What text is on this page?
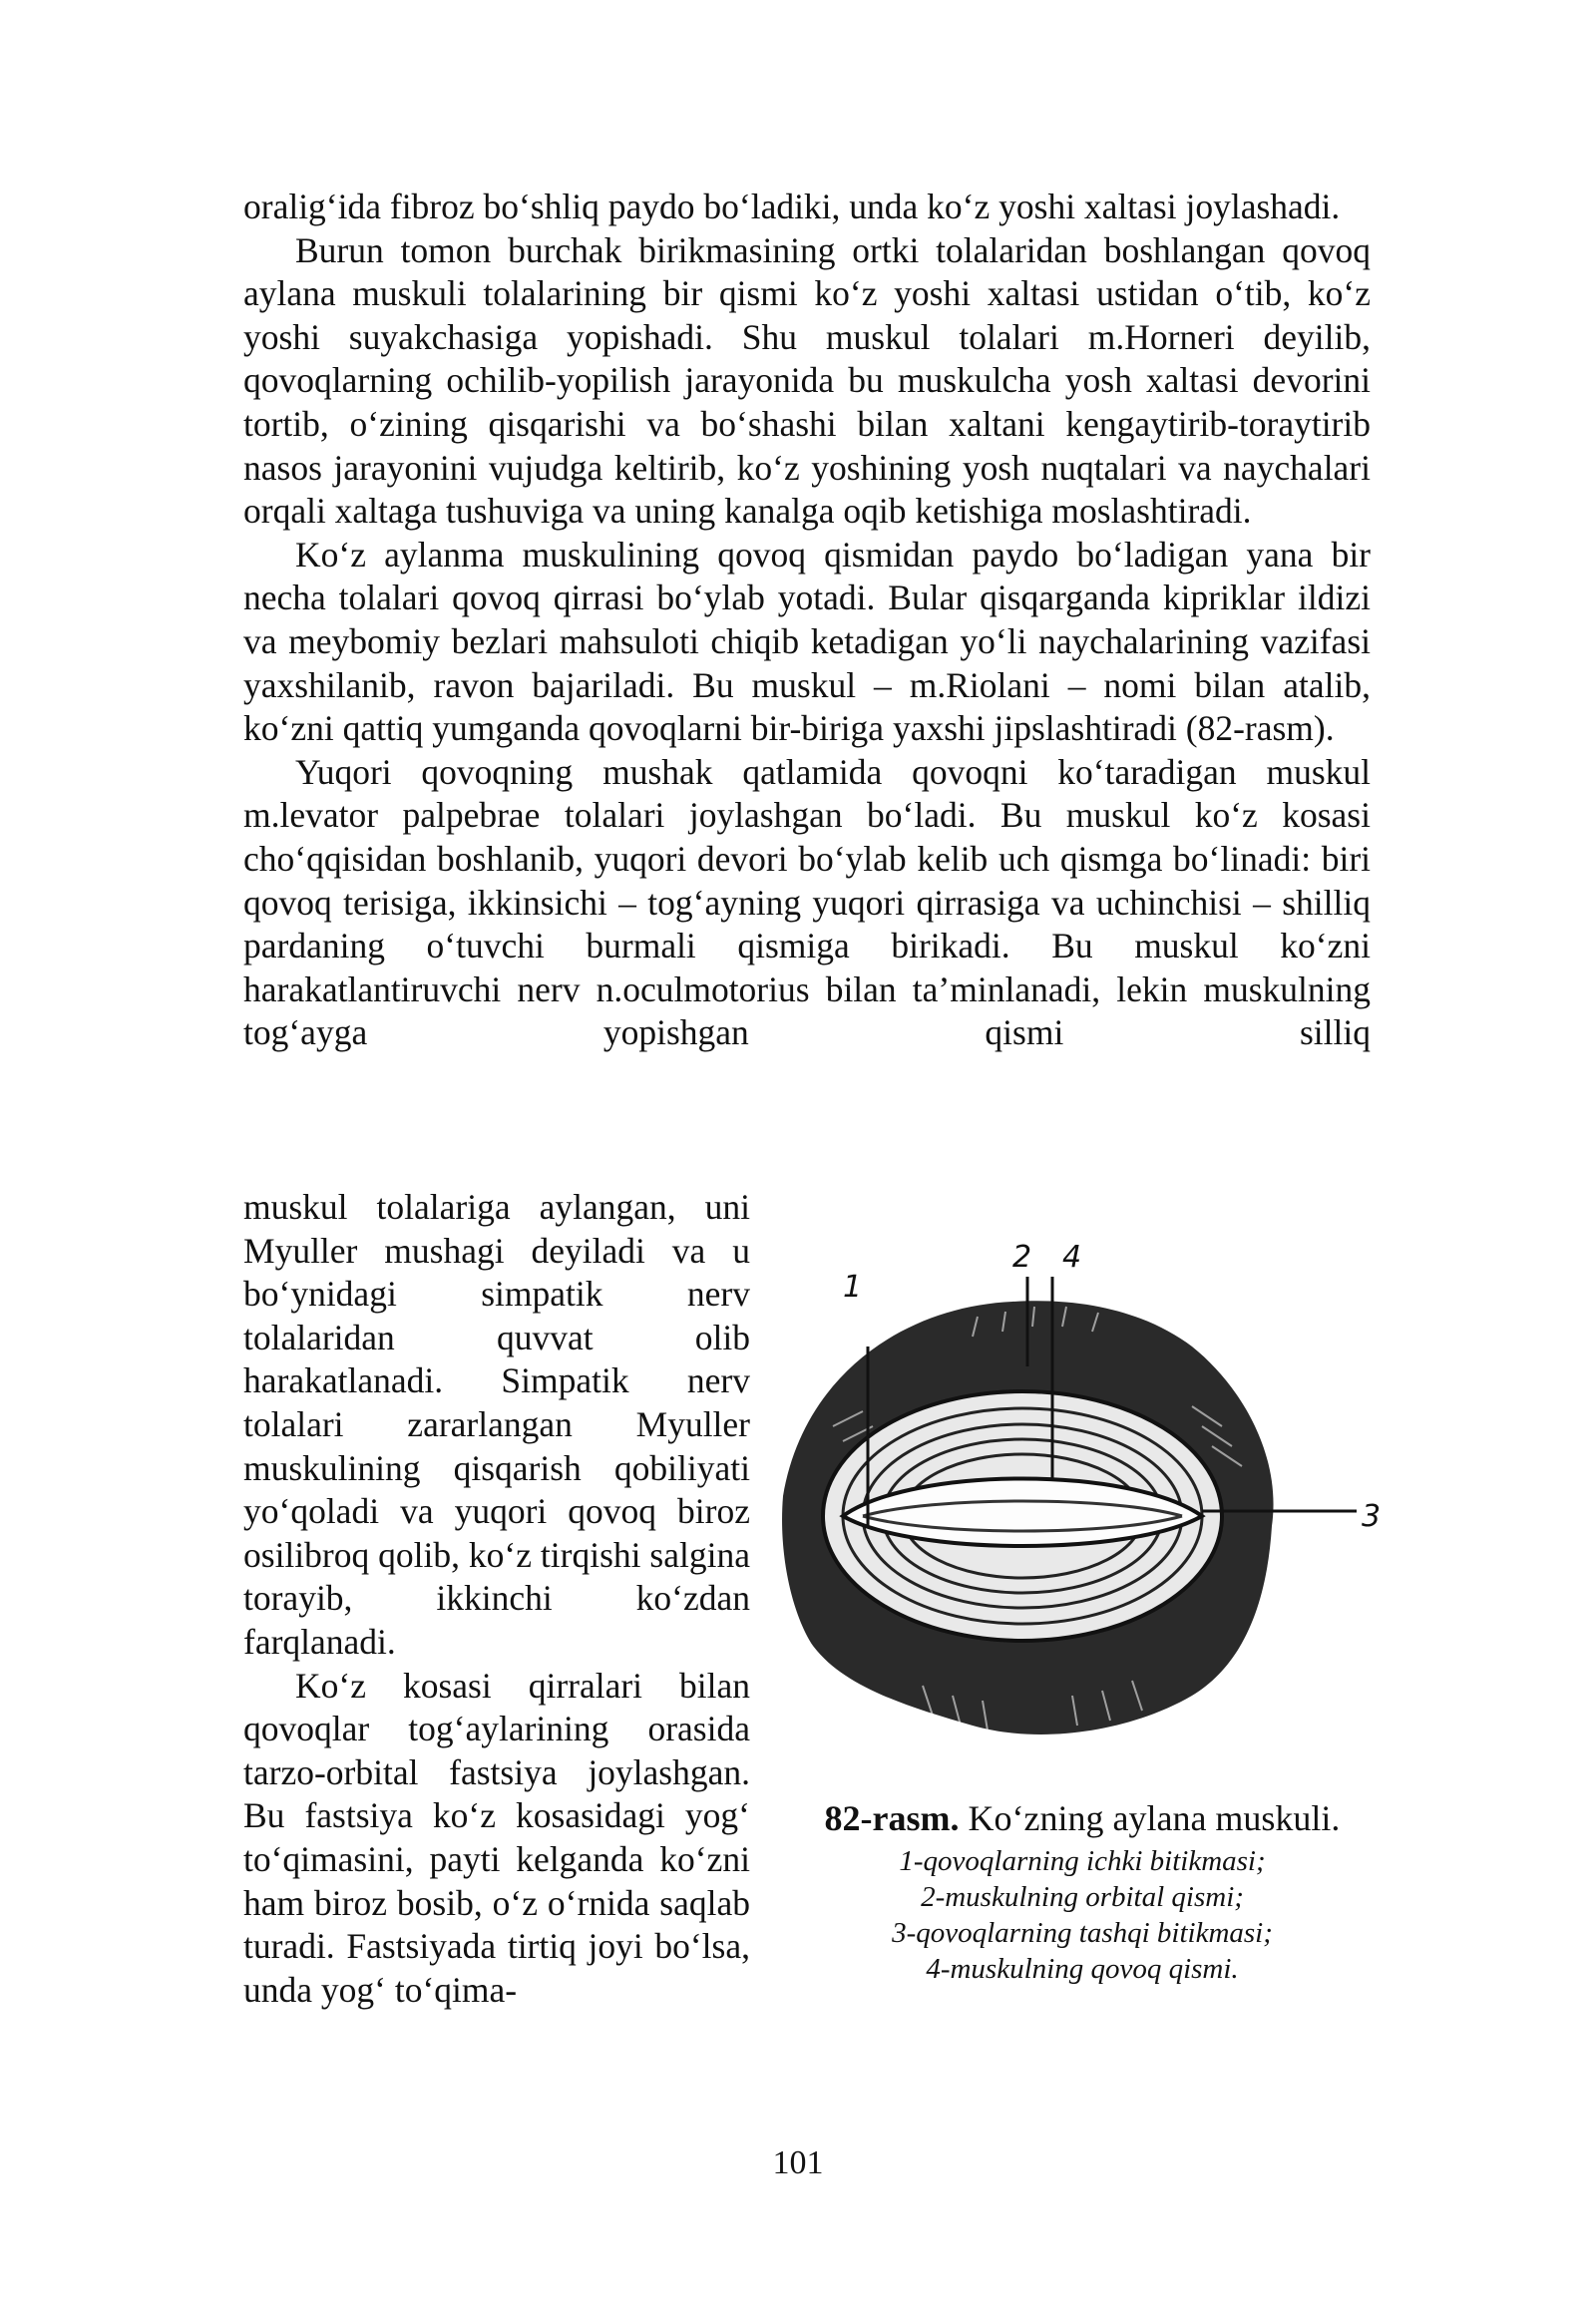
oralig‘ida fibroz bo‘shliq paydo bo‘ladiki, unda ko‘z yoshi xaltasi joylashadi.
Burun tomon burchak birikmasining ortki tolalaridan boshlangan qovoq aylana muskuli tolalarining bir qismi ko‘z yoshi xaltasi ustidan o‘tib, ko‘z yoshi suyakchasiga yopishadi. Shu muskul tolalari m.Horneri deyilib, qovoqlarning ochilib-yopilish jarayonida bu muskulcha yosh xaltasi devorini tortib, o‘zining qisqarishi va bo‘shashi bilan xaltani kengaytirib-toraytirib nasos jarayonini vujudga keltirib, ko‘z yoshining yosh nuqtalari va naychalari orqali xaltaga tushuviga va uning kanalga oqib ketishiga moslashtiradi.
Ko‘z aylanma muskulining qovoq qismidan paydo bo‘ladigan yana bir necha tolalari qovoq qirrasi bo‘ylab yotadi. Bular qisqarganda kipriklar ildizi va meybomiy bezlari mahsuloti chiqib ketadigan yo‘li naychalarining vazifasi yaxshilanib, ravon bajariladi. Bu muskul – m.Riolani – nomi bilan atalib, ko‘zni qattiq yumganda qovoqlarni bir-biriga yaxshi jipslashtiradi (82-rasm).
Yuqori qovoqning mushak qatlamida qovoqni ko‘taradigan muskul m.levator palpebrae tolalari joylashgan bo‘ladi. Bu muskul ko‘z kosasi cho‘qqisidan boshlanib, yuqori devori bo‘ylab kelib uch qismga bo‘linadi: biri qovoq terisiga, ikkinsichi – tog‘ayning yuqori qirrasiga va uchinchisi – shilliq pardaning o‘tuvchi burmali qismiga birikadi. Bu muskul ko‘zni harakatlantiruvchi nerv n.oculmotorius bilan ta’minlanadi, lekin muskulning tog‘ayga yopishgan qismi silliq
muskul tolalariga aylangan, uni Myuller mushagi deyiladi va u bo‘ynidagi simpatik nerv tolalaridan quvvat olib harakatlanadi. Simpatik nerv tolalari zararlangan Myuller muskulining qisqarish qobiliyati yo‘qoladi va yuqori qovoq biroz osilibroq qolib, ko‘z tirqishi salgina torayib, ikkinchi ko‘zdan farqlanadi.
Ko‘z kosasi qirralari bilan qovoqlar tog‘aylarining orasida tarzo-orbital fastsiya joylashgan. Bu fastsiya ko‘z kosasidagi yog‘ to‘qimasini, payti kelganda ko‘zni ham biroz bosib, o‘z o‘rnida saqlab turadi. Fastsiyada tirtiq joyi bo‘lsa, unda yog‘ to‘qima-
1
2 4
3
82-rasm. Ko‘zning aylana muskuli.
1-qovoqlarning ichki bitikmasi;
2-muskulning orbital qismi;
3-qovoqlarning tashqi bitikmasi;
4-muskulning qovoq qismi.
101
